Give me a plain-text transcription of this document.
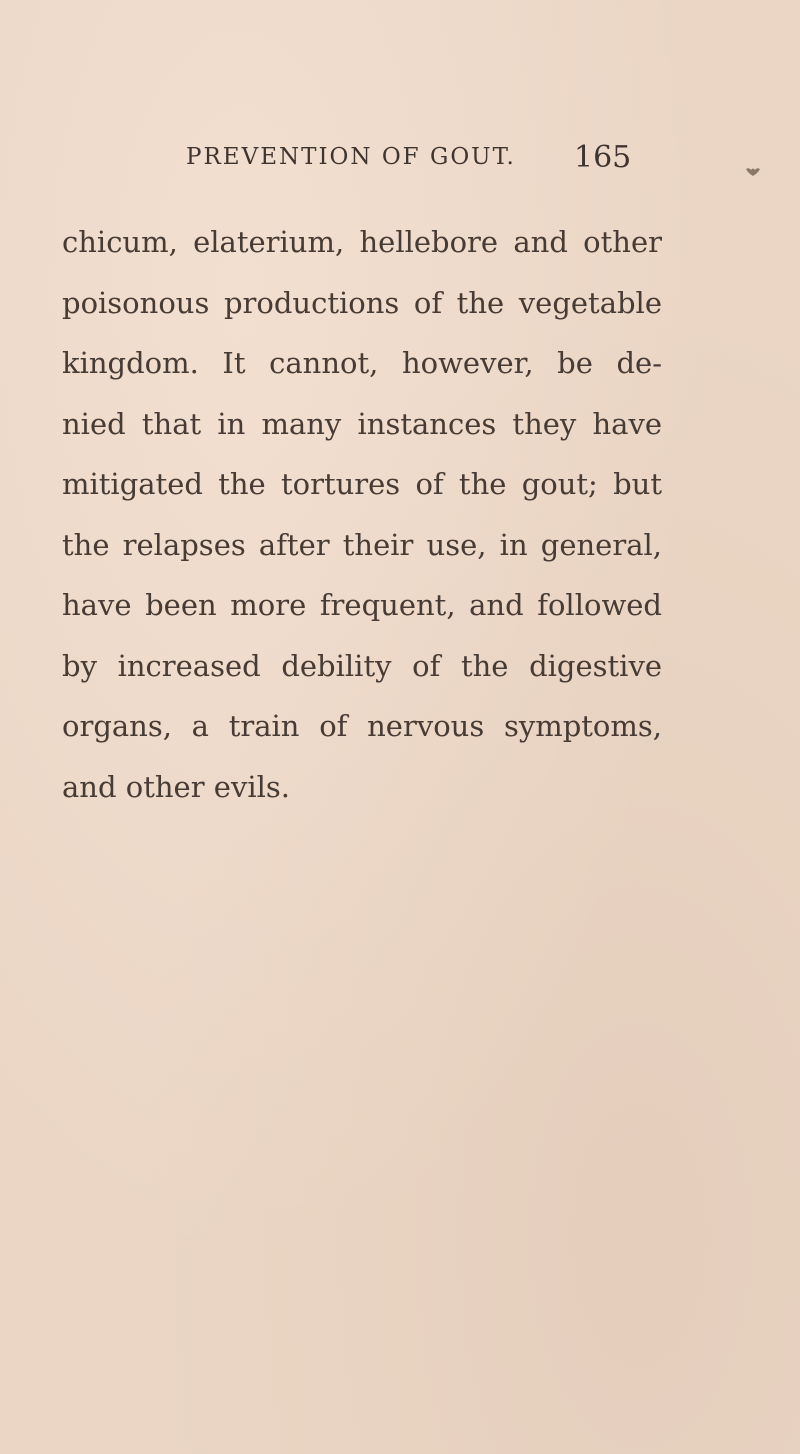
PREVENTION OF GOUT. 165
chicum, elaterium, hellebore and other
poisonous productions of the vegetable
kingdom. It cannot, however, be de-
nied that in many instances they have
mitigated the tortures of the gout; but
the relapses after their use, in general,
have been more frequent, and followed
by increased debility of the digestive
organs, a train of nervous symptoms,
and other evils.
